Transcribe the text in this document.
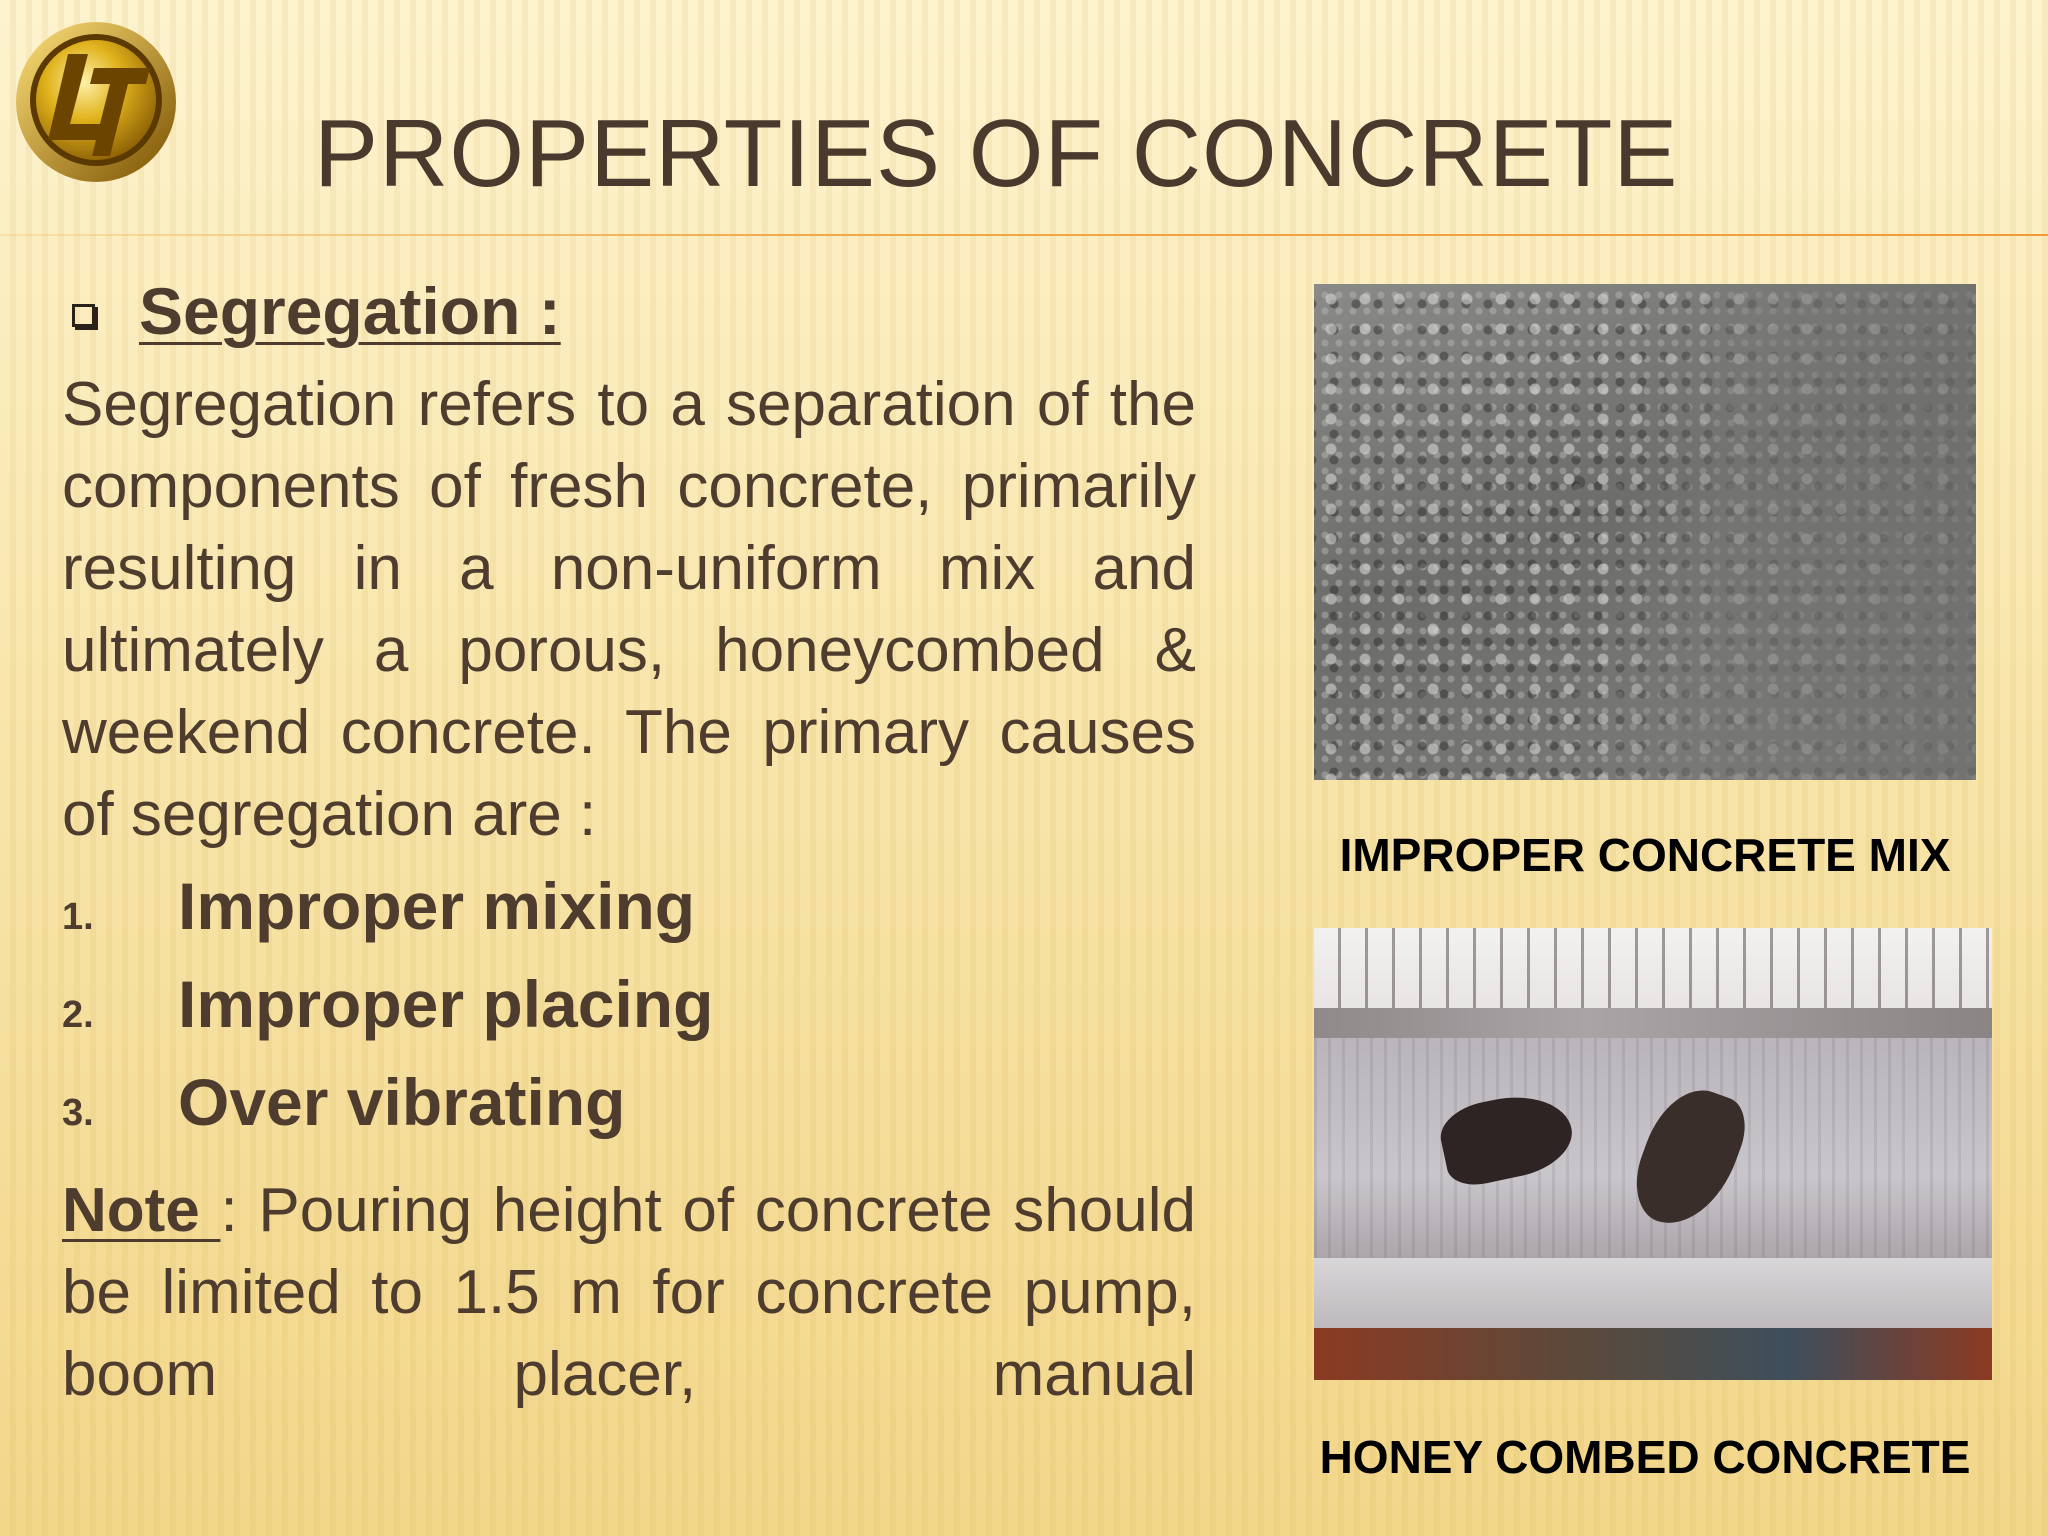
PROPERTIES OF CONCRETE
Segregation :

Segregation refers to a separation of the components of fresh concrete, primarily resulting in a non-uniform mix and ultimately a porous, honeycombed & weekend concrete. The primary causes of segregation are :

1.	Improper mixing
2.	Improper placing
3.	Over vibrating

Note : Pouring height of concrete should be limited to 1.5 m for concrete pump, boom placer, manual

IMPROPER CONCRETE MIX
HONEY COMBED CONCRETE
